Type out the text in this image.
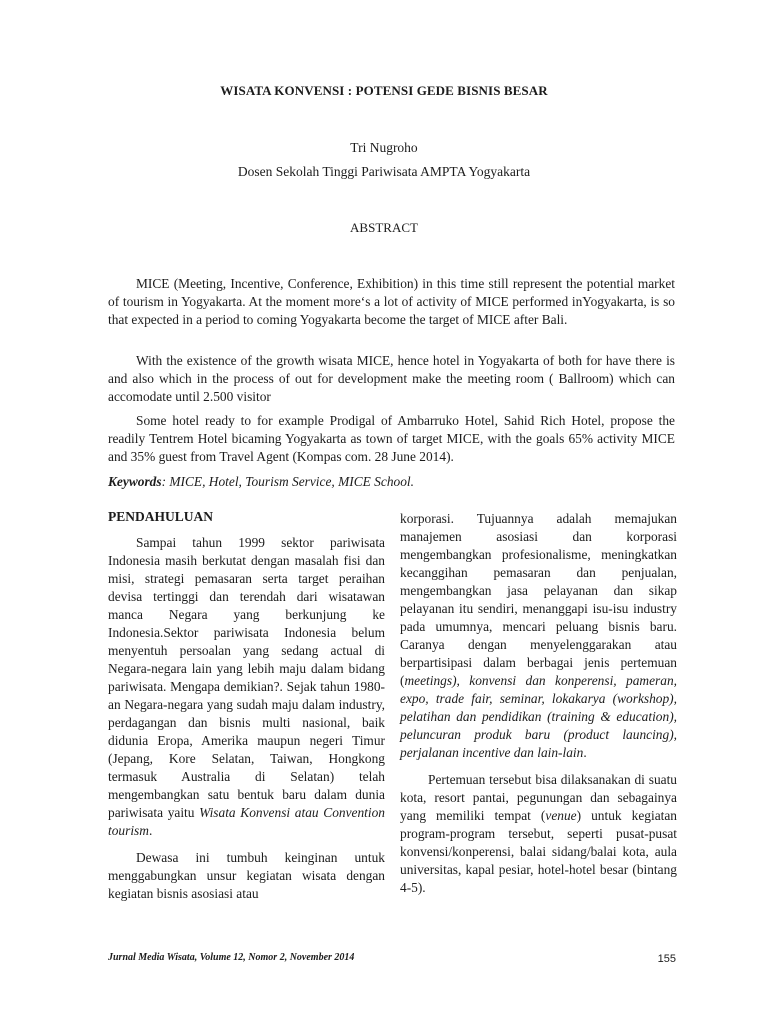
WISATA KONVENSI : POTENSI GEDE BISNIS BESAR
Tri Nugroho
Dosen Sekolah Tinggi Pariwisata AMPTA Yogyakarta
ABSTRACT

MICE (Meeting, Incentive, Conference, Exhibition) in this time still represent the potential market of tourism in Yogyakarta. At the moment more‘s a lot of activity of MICE performed inYogyakarta, is so that expected in a period to coming Yogyakarta become the target of MICE after Bali.

With the existence of the growth wisata MICE, hence hotel in Yogyakarta of both for have there is and also which in the process of out for development make the meeting room ( Ballroom) which can accomodate until 2.500 visitor

Some hotel ready to for example Prodigal of Ambarruko Hotel, Sahid Rich Hotel, propose the readily Tentrem Hotel bicaming Yogyakarta as town of target MICE, with the goals 65% activity MICE and 35% guest from Travel Agent (Kompas com. 28 June 2014).

Keywords: MICE, Hotel, Tourism Service, MICE School.
PENDAHULUAN

Sampai tahun 1999 sektor pariwisata Indonesia masih berkutat dengan masalah fisi dan misi, strategi pemasaran serta target peraihan devisa tertinggi dan terendah dari wisatawan manca Negara yang berkunjung ke Indonesia.Sektor pariwisata Indonesia belum menyentuh persoalan yang sedang actual di Negara-negara lain yang lebih maju dalam bidang pariwisata. Mengapa demikian?. Sejak tahun 1980-an Negara-negara yang sudah maju dalam industry, perdagangan dan bisnis multi nasional, baik didunia Eropa, Amerika maupun negeri Timur (Jepang, Kore Selatan, Taiwan, Hongkong termasuk Australia di Selatan) telah mengembangkan satu bentuk baru dalam dunia pariwisata yaitu Wisata Konvensi atau Convention tourism.

Dewasa ini tumbuh keinginan untuk menggabungkan unsur kegiatan wisata dengan kegiatan bisnis asosiasi atau

korporasi. Tujuannya adalah memajukan manajemen asosiasi dan korporasi mengembangkan profesionalisme, meningkatkan kecanggihan pemasaran dan penjualan, mengembangkan jasa pelayanan dan sikap pelayanan itu sendiri, menanggapi isu-isu industry pada umumnya, mencari peluang bisnis baru. Caranya dengan menyelenggarakan atau berpartisipasi dalam berbagai jenis pertemuan (meetings), konvensi dan konperensi, pameran, expo, trade fair, seminar, lokakarya (workshop), pelatihan dan pendidikan (training & education), peluncuran produk baru (product launcing), perjalanan incentive dan lain-lain.

Pertemuan tersebut bisa dilaksanakan di suatu kota, resort pantai, pegunungan dan sebagainya yang memiliki tempat (venue) untuk kegiatan program-program tersebut, seperti pusat-pusat konvensi/konperensi, balai sidang/balai kota, aula universitas, kapal pesiar, hotel-hotel besar (bintang 4-5).

Jurnal Media Wisata, Volume 12, Nomor 2, November 2014	155
